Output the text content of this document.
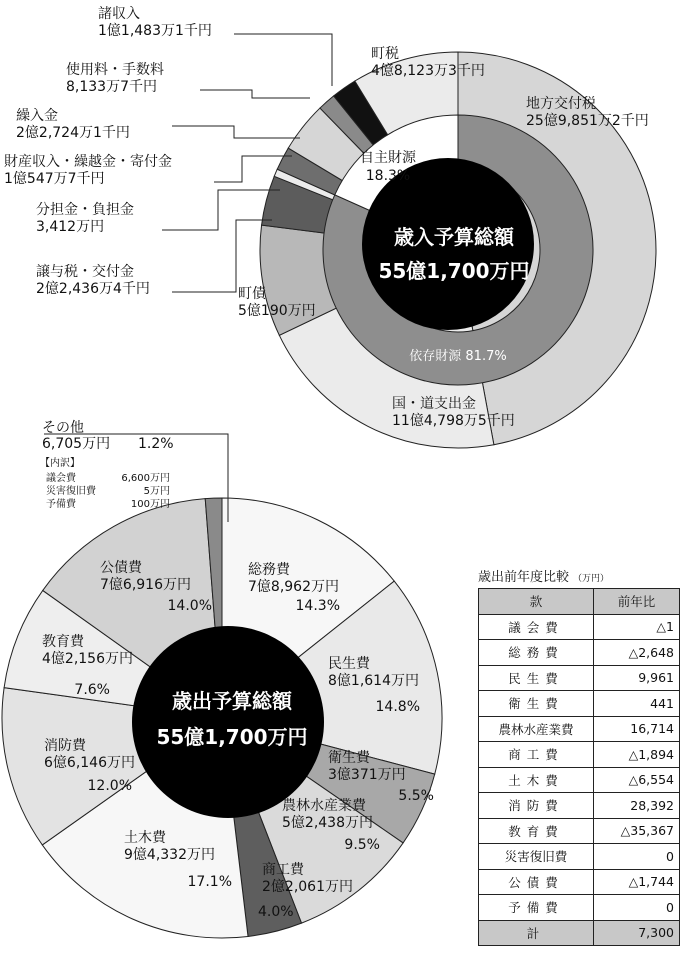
歳入予算総額
55億1,700万円
依存財源 81.7%
自主財源 18.3%
地方交付税 25億9,851万2千円
国・道支出金 11億4,798万5千円
町債 5億190万円
町税 4億8,123万3千円
諸収入 1億1,483万1千円
使用料・手数料 8,133万7千円
繰入金 2億2,724万1千円
財産収入・繰越金・寄付金 1億547万7千円
分担金・負担金 3,412万円
譲与税・交付金 2億2,436万4千円
歳出予算総額
55億1,700万円
総務費 7億8,962万円
14.3%
民生費 8億1,614万円
14.8%
衛生費 3億371万円
5.5%
農林水産業費 5億2,438万円
9.5%
商工費 2億2,061万円
4.0%
土木費 9億4,332万円
17.1%
消防費 6億6,146万円
12.0%
教育費 4億2,156万円
7.6%
公債費 7億6,916万円
14.0%
その他
6,705万円 1.2%
【内訳】
議会費	6,600万円
災害復旧費	5万円
予備費	100万円
歳出前年度比較 （万円）
款	前年比
議会費	△1
総務費	△2,648
民生費	9,961
衛生費	441
農林水産業費	16,714
商工費	△1,894
土木費	△6,554
消防費	28,392
教育費	△35,367
災害復旧費	0
公債費	△1,744
予備費	0
計	7,300
